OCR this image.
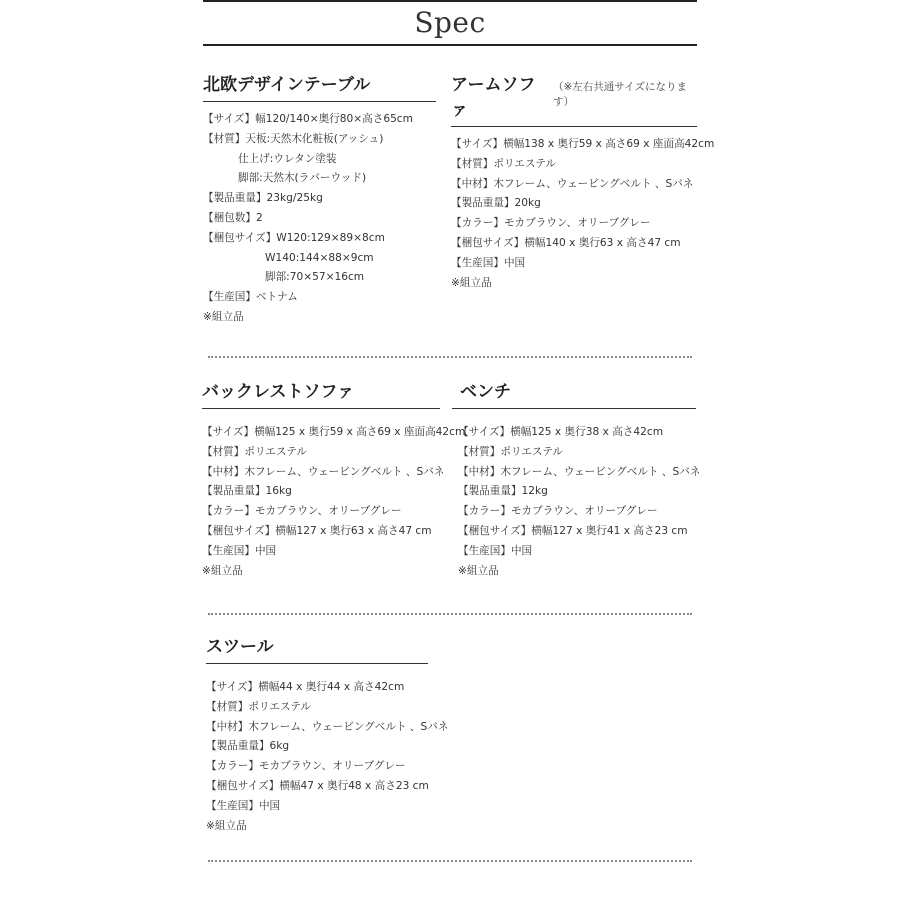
Spec
北欧デザインテーブル
【サイズ】幅120/140×奥行80×高さ65cm
【材質】天板:天然木化粧板(アッシュ)
仕上げ:ウレタン塗装
脚部:天然木(ラバーウッド)
【製品重量】23kg/25kg
【梱包数】2
【梱包サイズ】W120:129×89×8cm
W140:144×88×9cm
脚部:70×57×16cm
【生産国】ベトナム
※組立品
アームソファ
（※左右共通サイズになります）
【サイズ】横幅138 x 奥行59 x 高さ69 x 座面高42cm
【材質】ポリエステル
【中材】木フレーム、ウェービングベルト 、Sバネ
【製品重量】20kg
【カラー】モカブラウン、オリーブグレー
【梱包サイズ】横幅140 x 奥行63 x 高さ47 cm
【生産国】中国
※組立品
バックレストソファ
【サイズ】横幅125 x 奥行59 x 高さ69 x 座面高42cm
【材質】ポリエステル
【中材】木フレーム、ウェービングベルト 、Sバネ
【製品重量】16kg
【カラー】モカブラウン、オリーブグレー
【梱包サイズ】横幅127 x 奥行63 x 高さ47 cm
【生産国】中国
※組立品
ベンチ
【サイズ】横幅125 x 奥行38 x 高さ42cm
【材質】ポリエステル
【中材】木フレーム、ウェービングベルト 、Sバネ
【製品重量】12kg
【カラー】モカブラウン、オリーブグレー
【梱包サイズ】横幅127 x 奥行41 x 高さ23 cm
【生産国】中国
※組立品
スツール
【サイズ】横幅44 x 奥行44 x 高さ42cm
【材質】ポリエステル
【中材】木フレーム、ウェービングベルト 、Sバネ
【製品重量】6kg
【カラー】モカブラウン、オリーブグレー
【梱包サイズ】横幅47 x 奥行48 x 高さ23 cm
【生産国】中国
※組立品
